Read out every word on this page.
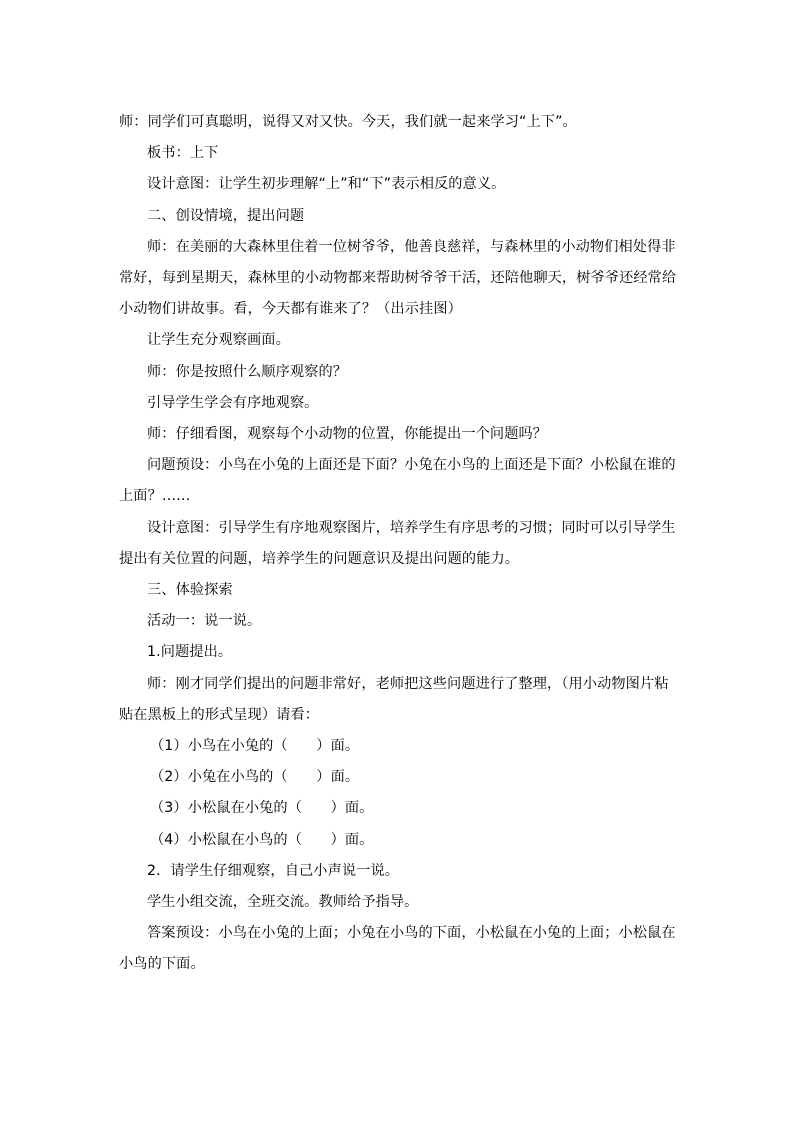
师：同学们可真聪明，说得又对又快。今天，我们就一起来学习“上下”。

板书：上下

设计意图：让学生初步理解“上”和“下”表示相反的意义。

二、创设情境，提出问题

师：在美丽的大森林里住着一位树爷爷，他善良慈祥，与森林里的小动物们相处得非常好，每到星期天，森林里的小动物都来帮助树爷爷干活，还陪他聊天，树爷爷还经常给小动物们讲故事。看，今天都有谁来了？（出示挂图）

让学生充分观察画面。

师：你是按照什么顺序观察的？

引导学生学会有序地观察。

师：仔细看图，观察每个小动物的位置，你能提出一个问题吗？

问题预设：小鸟在小兔的上面还是下面？小兔在小鸟的上面还是下面？小松鼠在谁的上面？……

设计意图：引导学生有序地观察图片，培养学生有序思考的习惯；同时可以引导学生提出有关位置的问题，培养学生的问题意识及提出问题的能力。

三、体验探索

活动一：说一说。

1.问题提出。

师：刚才同学们提出的问题非常好，老师把这些问题进行了整理，（用小动物图片粘贴在黑板上的形式呈现）请看：

（1）小鸟在小兔的（　　）面。

（2）小兔在小鸟的（　　）面。

（3）小松鼠在小兔的（　　）面。

（4）小松鼠在小鸟的（　　）面。

2．请学生仔细观察，自己小声说一说。

学生小组交流，全班交流。教师给予指导。

答案预设：小鸟在小兔的上面；小兔在小鸟的下面，小松鼠在小兔的上面；小松鼠在小鸟的下面。
